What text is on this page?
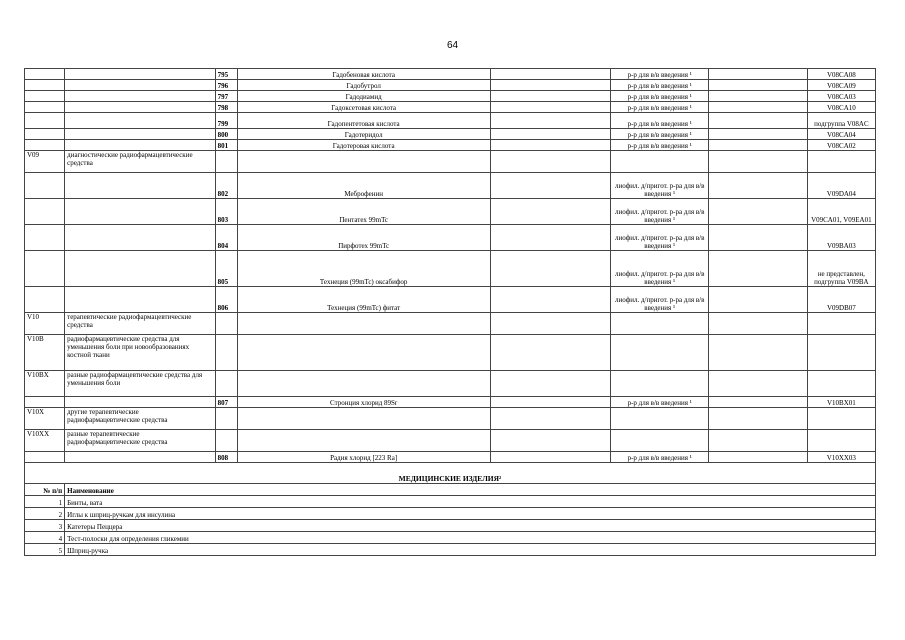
64
		795	Гадобеновая кислота		р-р для в/в введения ¹		V08CA08
		796	Гадобутрол		р-р для в/в введения ¹		V08CA09
		797	Гадодиамид		р-р для в/в введения ¹		V08CA03
		798	Гадоксетовая кислота		р-р для в/в введения ¹		V08CA10
		799	Гадопентетовая кислота		р-р для в/в введения ¹		подгруппа V08AC
		800	Гадотеридол		р-р для в/в введения ¹		V08CA04
		801	Гадотеровая кислота		р-р для в/в введения ¹		V08CA02
V09	диагностические радиофармацевтические средства						
		802	Меброфенин		лиофил. д/пригот. р-ра для в/в введения ¹		V09DA04
		803	Пентатех 99mTc		лиофил. д/пригот. р-ра для в/в введения ¹		V09CA01, V09EA01
		804	Пирфотех 99mTc		лиофил. д/пригот. р-ра для в/в введения ¹		V09BA03
		805	Технеция (99mTc) оксабифор		лиофил. д/пригот. р-ра для в/в введения ¹		не представлен, подгруппа V09BA
		806	Технеция (99mTc) фитат		лиофил. д/пригот. р-ра для в/в введения ¹		V09DB07
V10	терапевтические радиофармацевтические средства						
V10B	радиофармацевтические средства для уменьшения боли при новообразованиях костной ткани						
V10BX	разные радиофармацевтические средства для уменьшения боли						
		807	Стронция хлорид 89Sr		р-р для в/в введения ¹		V10BX01
V10X	другие терапевтические радиофармацевтические средства						
V10XX	разные терапевтические радиофармацевтические средства						
		808	Радия хлорид [223 Ra]		р-р для в/в введения ¹		V10XX03
МЕДИЦИНСКИЕ ИЗДЕЛИЯ²							
№ п/п	Наименование						
1	Бинты, вата						
2	Иглы к шприц-ручкам для инсулина						
3	Катетеры Пеццера						
4	Тест-полоски для определения гликемии						
5	Шприц-ручка						
